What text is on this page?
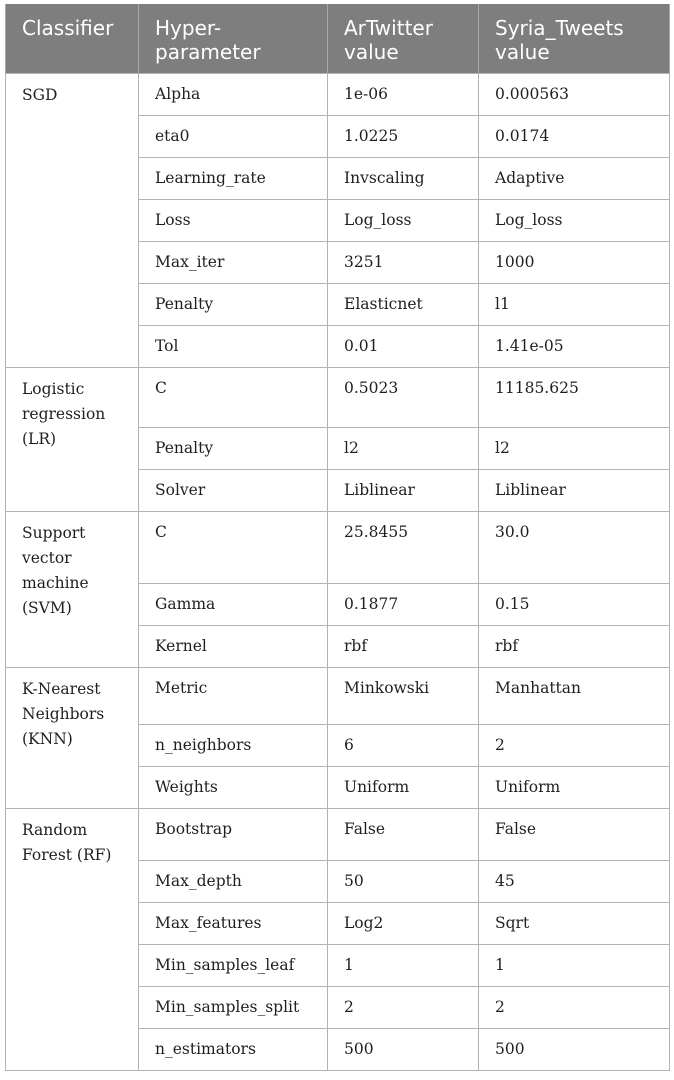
Classifier	Hyper-parameter	ArTwitter value	Syria_Tweets value
SGD	Alpha	1e-06	0.000563

	eta0	1.0225	0.0174

	Learning_rate	Invscaling	Adaptive

	Loss	Log_loss	Log_loss

	Max_iter	3251	1000

	Penalty	Elasticnet	l1

	Tol	0.01	1.41e-05

Logistic regression (LR)	C	0.5023	11185.625

	Penalty	l2	l2

	Solver	Liblinear	Liblinear

Support vector machine (SVM)	C	25.8455	30.0

	Gamma	0.1877	0.15

	Kernel	rbf	rbf

K-Nearest Neighbors (KNN)	Metric	Minkowski	Manhattan

	n_neighbors	6	2

	Weights	Uniform	Uniform

Random Forest (RF)	Bootstrap	False	False

	Max_depth	50	45

	Max_features	Log2	Sqrt

	Min_samples_leaf	1	1

	Min_samples_split	2	2

	n_estimators	500	500
